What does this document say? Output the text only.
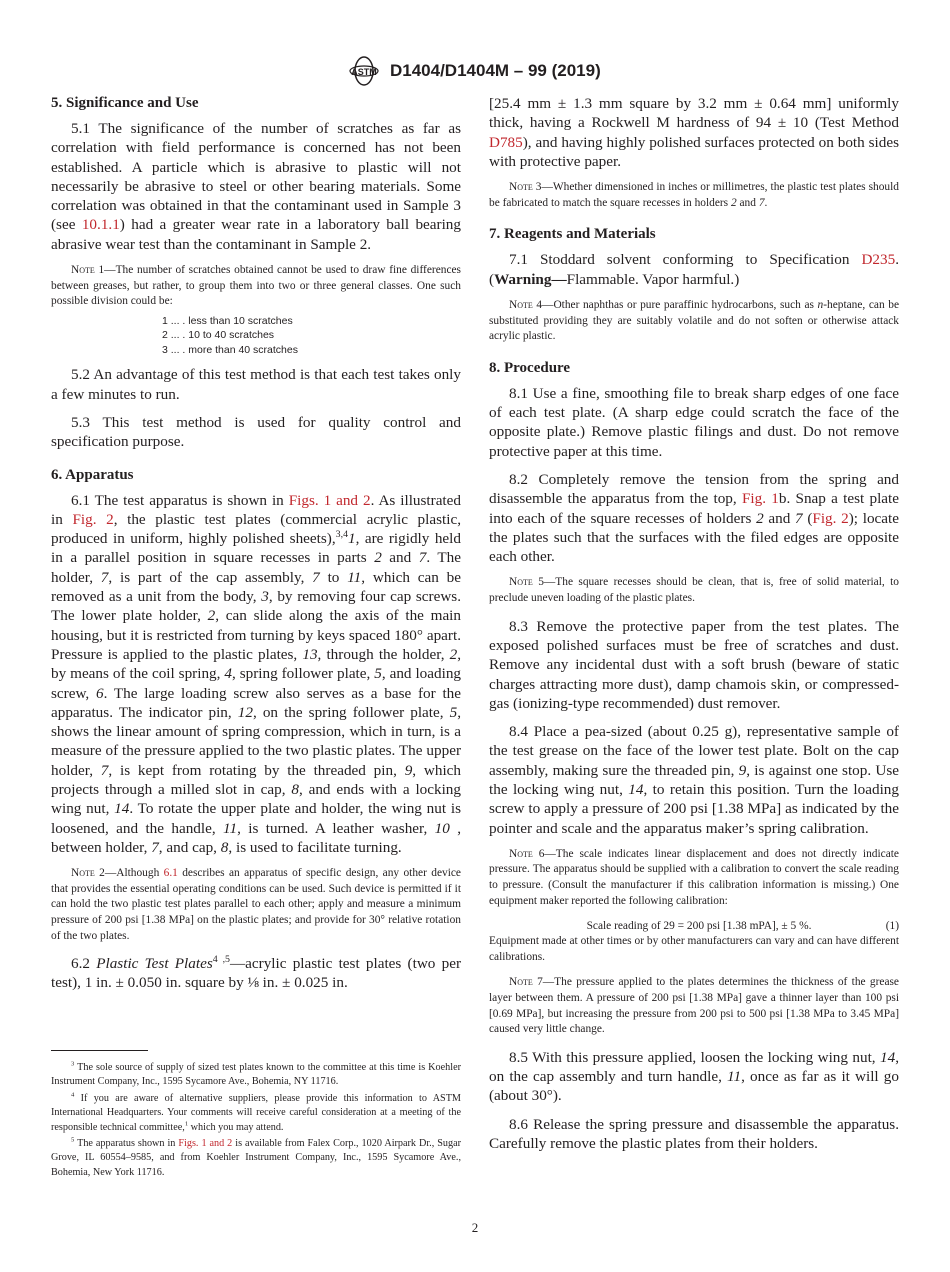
ASTM D1404/D1404M – 99 (2019)
5. Significance and Use
5.1 The significance of the number of scratches as far as correlation with field performance is concerned has not been established. A particle which is abrasive to plastic will not necessarily be abrasive to steel or other bearing materials. Some correlation was obtained in that the contaminant used in Sample 3 (see 10.1.1) had a greater wear rate in a laboratory ball bearing abrasive wear test than the contaminant in Sample 2.
Note 1—The number of scratches obtained cannot be used to draw fine differences between greases, but rather, to group them into two or three general classes. One such possible division could be:
1 ... . less than 10 scratches
2 ... . 10 to 40 scratches
3 ... . more than 40 scratches
5.2 An advantage of this test method is that each test takes only a few minutes to run.
5.3 This test method is used for quality control and specification purpose.
6. Apparatus
6.1 The test apparatus is shown in Figs. 1 and 2. As illustrated in Fig. 2, the plastic test plates (commercial acrylic plastic, produced in uniform, highly polished sheets),$^{3,4}$1, are rigidly held in a parallel position in square recesses in parts 2 and 7. The holder, 7, is part of the cap assembly, 7 to 11, which can be removed as a unit from the body, 3, by removing four cap screws. The lower plate holder, 2, can slide along the axis of the main housing, but it is restricted from turning by keys spaced 180° apart. Pressure is applied to the plastic plates, 13, through the holder, 2, by means of the coil spring, 4, spring follower plate, 5, and loading screw, 6. The large loading screw also serves as a base for the apparatus. The indicator pin, 12, on the spring follower plate, 5, shows the linear amount of spring compression, which in turn, is a measure of the pressure applied to the two plastic plates. The upper holder, 7, is kept from rotating by the threaded pin, 9, which projects through a milled slot in cap, 8, and ends with a locking wing nut, 14. To rotate the upper plate and holder, the wing nut is loosened, and the handle, 11, is turned. A leather washer, 10 , between holder, 7, and cap, 8, is used to facilitate turning.
Note 2—Although 6.1 describes an apparatus of specific design, any other device that provides the essential operating conditions can be used. Such device is permitted if it can hold the two plastic test plates parallel to each other; apply and measure a minimum pressure of 200 psi [1.38 MPa] on the plastic plates; and provide for 30° relative rotation of the two plates.
6.2 Plastic Test Plates$^{4 ,5}$—acrylic plastic test plates (two per test), 1 in. ± 0.050 in. square by ⅛ in. ± 0.025 in.
[25.4 mm ± 1.3 mm square by 3.2 mm ± 0.64 mm] uniformly thick, having a Rockwell M hardness of 94 ± 10 (Test Method D785), and having highly polished surfaces protected on both sides with protective paper.
Note 3—Whether dimensioned in inches or millimetres, the plastic test plates should be fabricated to match the square recesses in holders 2 and 7.
7. Reagents and Materials
7.1 Stoddard solvent conforming to Specification D235. (Warning—Flammable. Vapor harmful.)
Note 4—Other naphthas or pure paraffinic hydrocarbons, such as n-heptane, can be substituted providing they are suitably volatile and do not soften or otherwise attack acrylic plastic.
8. Procedure
8.1 Use a fine, smoothing file to break sharp edges of one face of each test plate. (A sharp edge could scratch the face of the opposite plate.) Remove plastic filings and dust. Do not remove protective paper at this time.
8.2 Completely remove the tension from the spring and disassemble the apparatus from the top, Fig. 1b. Snap a test plate into each of the square recesses of holders 2 and 7 (Fig. 2); locate the plates such that the surfaces with the filed edges are opposite each other.
Note 5—The square recesses should be clean, that is, free of solid material, to preclude uneven loading of the plastic plates.
8.3 Remove the protective paper from the test plates. The exposed polished surfaces must be free of scratches and dust. Remove any incidental dust with a soft brush (beware of static charges attracting more dust), damp chamois skin, or compressed-gas (ionizing-type recommended) dust remover.
8.4 Place a pea-sized (about 0.25 g), representative sample of the test grease on the face of the lower test plate. Bolt on the cap assembly, making sure the threaded pin, 9, is against one stop. Use the locking wing nut, 14, to retain this position. Turn the loading screw to apply a pressure of 200 psi [1.38 MPa] as indicated by the pointer and scale and the apparatus maker’s spring calibration.
Note 6—The scale indicates linear displacement and does not directly indicate pressure. The apparatus should be supplied with a calibration to convert the scale reading to pressure. (Consult the manufacturer if this calibration information is missing.) One equipment maker reported the following calibration:
Scale reading of 29 = 200 psi [1.38 mPA], ± 5 %.	(1)
Equipment made at other times or by other manufacturers can vary and can have different calibrations.
Note 7—The pressure applied to the plates determines the thickness of the grease layer between them. A pressure of 200 psi [1.38 MPa] gave a thinner layer than 100 psi [0.69 MPa], but increasing the pressure from 200 psi to 500 psi [1.38 MPa to 3.45 MPa] caused very little change.
8.5 With this pressure applied, loosen the locking wing nut, 14, on the cap assembly and turn handle, 11, once as far as it will go (about 30°).
8.6 Release the spring pressure and disassemble the apparatus. Carefully remove the plastic plates from their holders.

$^3$ The sole source of supply of sized test plates known to the committee at this time is Koehler Instrument Company, Inc., 1595 Sycamore Ave., Bohemia, NY 11716.

$^4$ If you are aware of alternative suppliers, please provide this information to ASTM International Headquarters. Your comments will receive careful consideration at a meeting of the responsible technical committee,$^1$ which you may attend.

$^5$ The apparatus shown in Figs. 1 and 2 is available from Falex Corp., 1020 Airpark Dr., Sugar Grove, IL 60554–9585, and from Koehler Instrument Company, Inc., 1595 Sycamore Ave., Bohemia, New York 11716.

2
